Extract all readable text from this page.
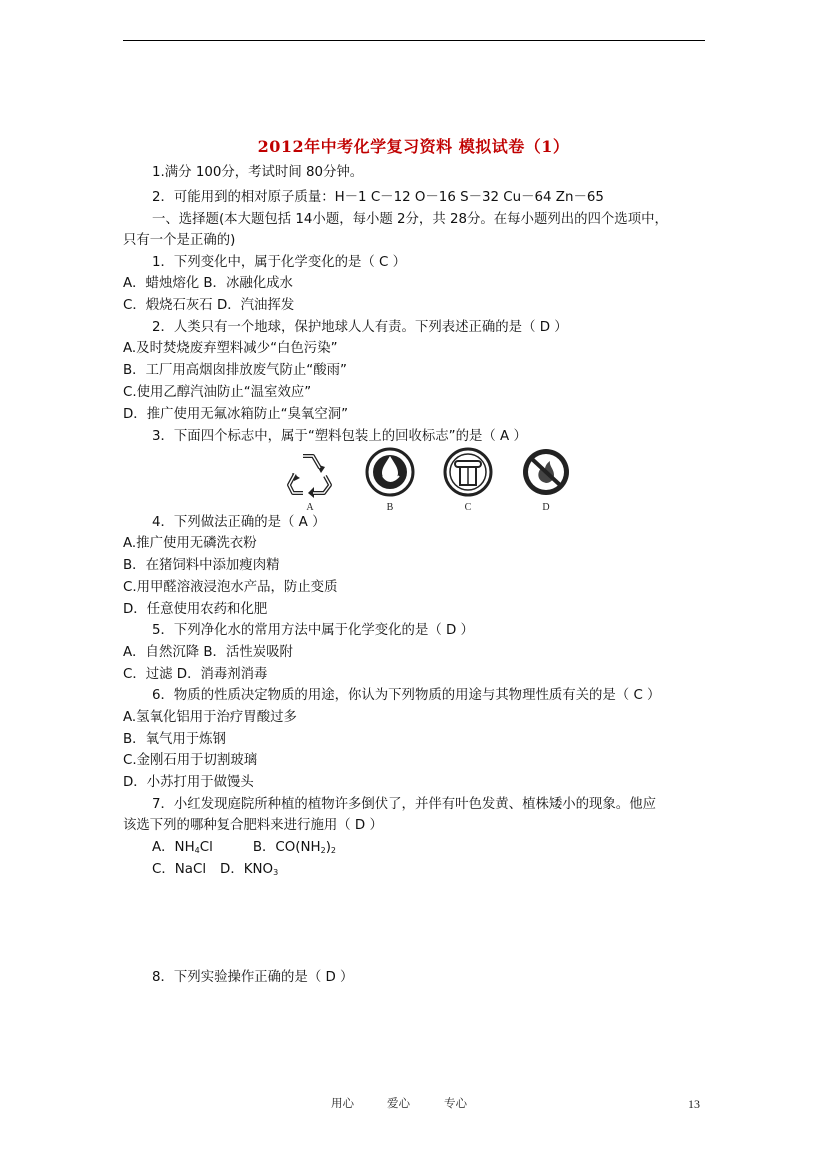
2012年中考化学复习资料 模拟试卷（1）
1.满分 100分，考试时间 80分钟。
2．可能用到的相对原子质量：H－1 C－12 O－16 S－32 Cu－64 Zn－65
一、选择题(本大题包括 14小题，每小题 2分，共 28分。在每小题列出的四个选项中，
只有一个是正确的)
1．下列变化中，属于化学变化的是（ C ）
A．蜡烛熔化 B．冰融化成水
C．煅烧石灰石 D．汽油挥发
2．人类只有一个地球，保护地球人人有责。下列表述正确的是（ D ）
A.及时焚烧废弃塑料减少“白色污染”
B．工厂用高烟囱排放废气防止“酸雨”
C.使用乙醇汽油防止“温室效应”
D．推广使用无氟冰箱防止“臭氧空洞”
3．下面四个标志中，属于“塑料包装上的回收标志”的是（ A ）
A	B	C	D
4．下列做法正确的是（ A ）
A.推广使用无磷洗衣粉
B．在猪饲料中添加瘦肉精
C.用甲醛溶液浸泡水产品，防止变质
D．任意使用农药和化肥
5．下列净化水的常用方法中属于化学变化的是（ D ）
A．自然沉降 B．活性炭吸附
C．过滤 D．消毒剂消毒
6．物质的性质决定物质的用途，你认为下列物质的用途与其物理性质有关的是（ C ）
A.氢氧化铝用于治疗胃酸过多
B．氧气用于炼钢
C.金刚石用于切割玻璃
D．小苏打用于做馒头
7．小红发现庭院所种植的植物许多倒伏了，并伴有叶色发黄、植株矮小的现象。他应
该选下列的哪种复合肥料来进行施用（ D ）
A．$NH_4Cl$	B．$CO(NH_2)_2$
C．NaCl D．$KNO_3$
8．下列实验操作正确的是（ D ）
用心	爱心	专心	13
